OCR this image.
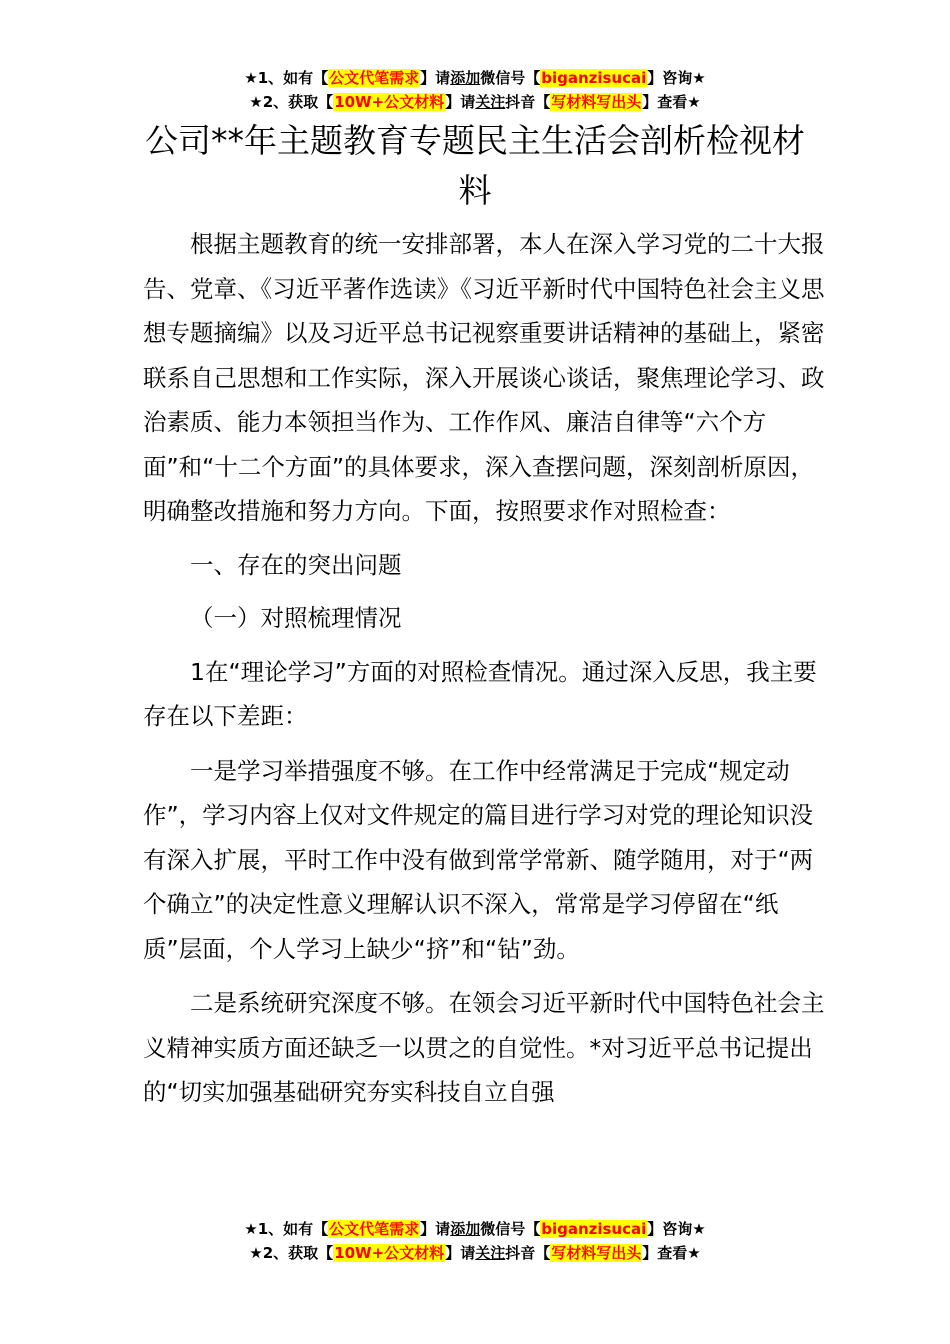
★1、如有【公文代笔需求】请添加微信号【biganzisucai】咨询★
★2、获取【10W+公文材料】请关注抖音【写材料写出头】查看★
公司**年主题教育专题民主生活会剖析检视材料

根据主题教育的统一安排部署，本人在深入学习党的二十大报告、党章、《习近平著作选读》《习近平新时代中国特色社会主义思想专题摘编》以及习近平总书记视察重要讲话精神的基础上，紧密联系自己思想和工作实际，深入开展谈心谈话，聚焦理论学习、政治素质、能力本领担当作为、工作作风、廉洁自律等“六个方面”和“十二个方面”的具体要求，深入查摆问题，深刻剖析原因，明确整改措施和努力方向。下面，按照要求作对照检查：

一、存在的突出问题

（一）对照梳理情况

1在“理论学习”方面的对照检查情况。通过深入反思，我主要存在以下差距：

一是学习举措强度不够。在工作中经常满足于完成“规定动作”，学习内容上仅对文件规定的篇目进行学习对党的理论知识没有深入扩展，平时工作中没有做到常学常新、随学随用，对于“两个确立”的决定性意义理解认识不深入，常常是学习停留在“纸质”层面，个人学习上缺少“挤”和“钻”劲。

二是系统研究深度不够。在领会习近平新时代中国特色社会主义精神实质方面还缺乏一以贯之的自觉性。*对习近平总书记提出的“切实加强基础研究夯实科技自立自强

★1、如有【公文代笔需求】请添加微信号【biganzisucai】咨询★
★2、获取【10W+公文材料】请关注抖音【写材料写出头】查看★
